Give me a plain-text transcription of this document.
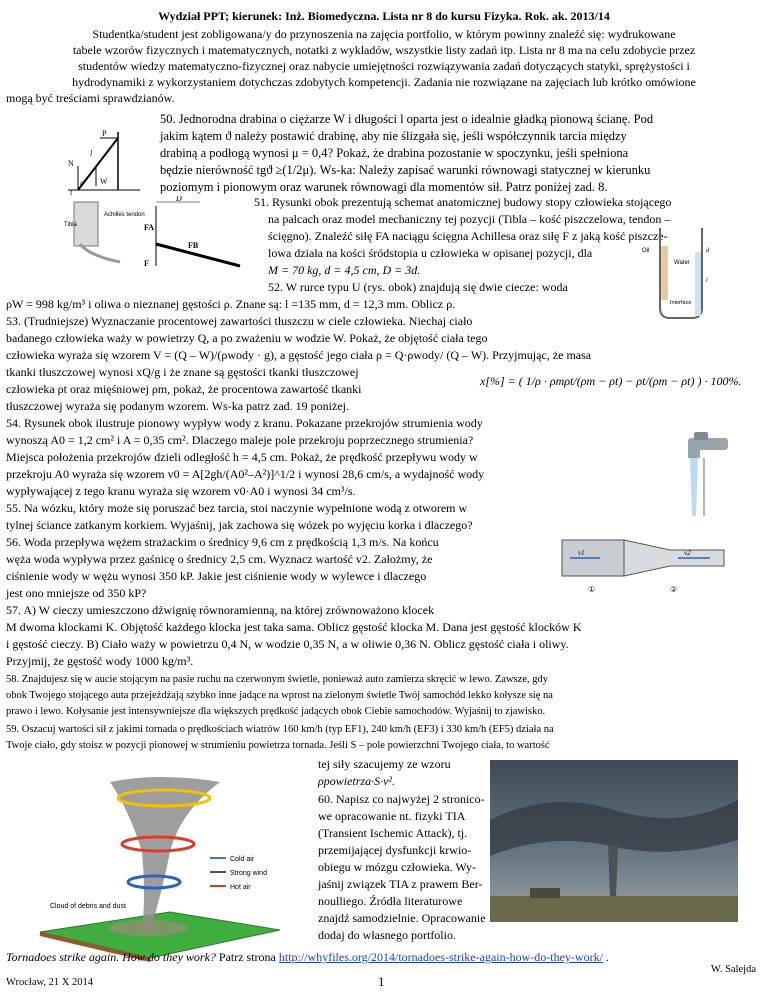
Wydział PPT; kierunek: Inż. Biomedyczna. Lista nr 8 do kursu Fizyka. Rok. ak. 2013/14
Studentka/student jest zobligowana/y do przynoszenia na zajęcia portfolio, w którym powinny znaleźć się: wydrukowane
tabele wzorów fizycznych i matematycznych, notatki z wykładów, wszystkie listy zadań itp. Lista nr 8 ma na celu zdobycie przez
studentów wiedzy matematyczno-fizycznej oraz nabycie umiejętności rozwiązywania zadań dotyczących statyki, sprężystości i
hydrodynamiki z wykorzystaniem dotychczas zdobytych kompetencji. Zadania nie rozwiązane na zajęciach lub krótko omówione
mogą być treściami sprawdzianów.
P
l
N
W
ϑ
f
50. Jednorodna drabina o ciężarze W i długości l oparta jest o idealnie gładką pionową ścianę. Pod
jakim kątem ϑ należy postawić drabinę, aby nie ślizgała się, jeśli współczynnik tarcia między
drabiną a podłogą wynosi μ = 0,4? Pokaż, że drabina pozostanie w spoczynku, jeśli spełniona
będzie nierówność tgϑ ≥(1/2μ). Ws-ka: Należy zapisać warunki równowagi statycznej w kierunku
poziomym i pionowym oraz warunek równowagi dla momentów sił. Patrz poniżej zad. 8.
Tibia
Achilles tendon
D
FA
FB
F
51. Rysunki obok prezentują schemat anatomicznej budowy stopy człowieka stojącego
na palcach oraz model mechaniczny tej pozycji (Tibla – kość piszczelowa, tendon –
ścięgno). Znaleźć siłę FA naciągu ścięgna Achillesa oraz siłę F z jaką kość piszcze-
lowa działa na kości śródstopia u człowieka w opisanej pozycji, dla
M = 70 kg, d = 4,5 cm, D = 3d.
Oil
Water
Interface
d
l
52. W rurce typu U (rys. obok) znajdują się dwie ciecze: woda
ρW = 998 kg/m³ i oliwa o nieznanej gęstości ρ. Znane są: l =135 mm, d = 12,3 mm. Oblicz ρ.
53. (Trudniejsze) Wyznaczanie procentowej zawartości tłuszczu w ciele człowieka. Niechaj ciało
badanego człowieka waży w powietrzy Q, a po zważeniu w wodzie W. Pokaż, że objętość ciała tego
człowieka wyraża się wzorem V = (Q – W)/(ρwody · g), a gęstość jego ciała ρ = Q·ρwody/ (Q – W). Przyjmując, że masa
tkanki tłuszczowej wynosi xQ/g i że znane są gęstości tkanki tłuszczowej
człowieka ρt oraz mięśniowej ρm, pokaż, że procentowa zawartość tkanki
tłuszczowej wyraża się podanym wzorem. Ws-ka patrz zad. 19 poniżej.
x[%] = ( 1/ρ · ρmρt/(ρm − ρt) − ρt/(ρm − ρt) ) · 100%.
54. Rysunek obok ilustruje pionowy wypływ wody z kranu. Pokazane przekrojów strumienia wody
wynoszą A0 = 1,2 cm² i A = 0,35 cm². Dlaczego maleje pole przekroju poprzecznego strumienia?
Miejsca położenia przekrojów dzieli odległość h = 4,5 cm. Pokaż, że prędkość przepływu wody w
przekroju A0 wyraża się wzorem v0 = A[2gh/(A0²–A²)]^1/2 i wynosi 28,6 cm/s, a wydajność wody
wypływającej z tego kranu wyraża się wzorem v0·A0 i wynosi 34 cm³/s.
55. Na wózku, który może się poruszać bez tarcia, stoi naczynie wypełnione wodą z otworem w
tylnej ściance zatkanym korkiem. Wyjaśnij, jak zachowa się wózek po wyjęciu korka i dlaczego?
56. Woda przepływa wężem strażackim o średnicy 9,6 cm z prędkością 1,3 m/s. Na końcu
węża woda wypływa przez gaśnicę o średnicy 2,5 cm. Wyznacz wartość v2. Założmy, że
ciśnienie wody w wężu wynosi 350 kP. Jakie jest ciśnienie wody w wylewce i dlaczego
jest ono mniejsze od 350 kP?
v1	v2
①	②
57. A) W cieczy umieszczono dźwignię równoramienną, na której zrównoważono klocek
M dwoma klockami K. Objętość każdego klocka jest taka sama. Oblicz gęstość klocka M. Dana jest gęstość klocków K
i gęstość cieczy. B) Ciało waży w powietrzu 0,4 N, w wodzie 0,35 N, a w oliwie 0,36 N. Oblicz gęstość ciała i oliwy.
Przyjmij, że gęstość wody 1000 kg/m³.
58. Znajdujesz się w aucie stojącym na pasie ruchu na czerwonym świetle, ponieważ auto zamierza skręcić w lewo. Zawsze, gdy
obok Twojego stojącego auta przejeżdżają szybko inne jadące na wprost na zielonym świetle Twój samochód lekko kołysze się na
prawo i lewo. Kołysanie jest intensywniejsze dla większych prędkość jadących obok Ciebie samochodów. Wyjaśnij to zjawisko.
59. Oszacuj wartości sił z jakimi tornada o prędkościach wiatrów 160 km/h (typ EF1), 240 km/h (EF3) i 330 km/h (EF5) działa na
Twoje ciało, gdy stoisz w pozycji pionowej w strumieniu powietrza tornada. Jeśli S – pole powierzchni Twojego ciała, to wartość
tej siły szacujemy ze wzoru
ρpowietrza·S·v².
Cold air
Strong wind
Hot air
Cloud of debris and dust
60. Napisz co najwyżej 2 stronico-
we opracowanie nt. fizyki TIA
(Transient Ischemic Attack), tj.
przemijającej dysfunkcji krwio-
obiegu w mózgu człowieka. Wy-
jaśnij związek TIA z prawem Ber-
noulliego. Źródła literaturowe
znajdź samodzielnie. Opracowanie
dodaj do własnego portfolio.
Tornadoes strike again. How do they work? Patrz strona http://whyfiles.org/2014/tornadoes-strike-again-how-do-they-work/ .
W. Salejda
Wrocław, 21 X 2014	1
